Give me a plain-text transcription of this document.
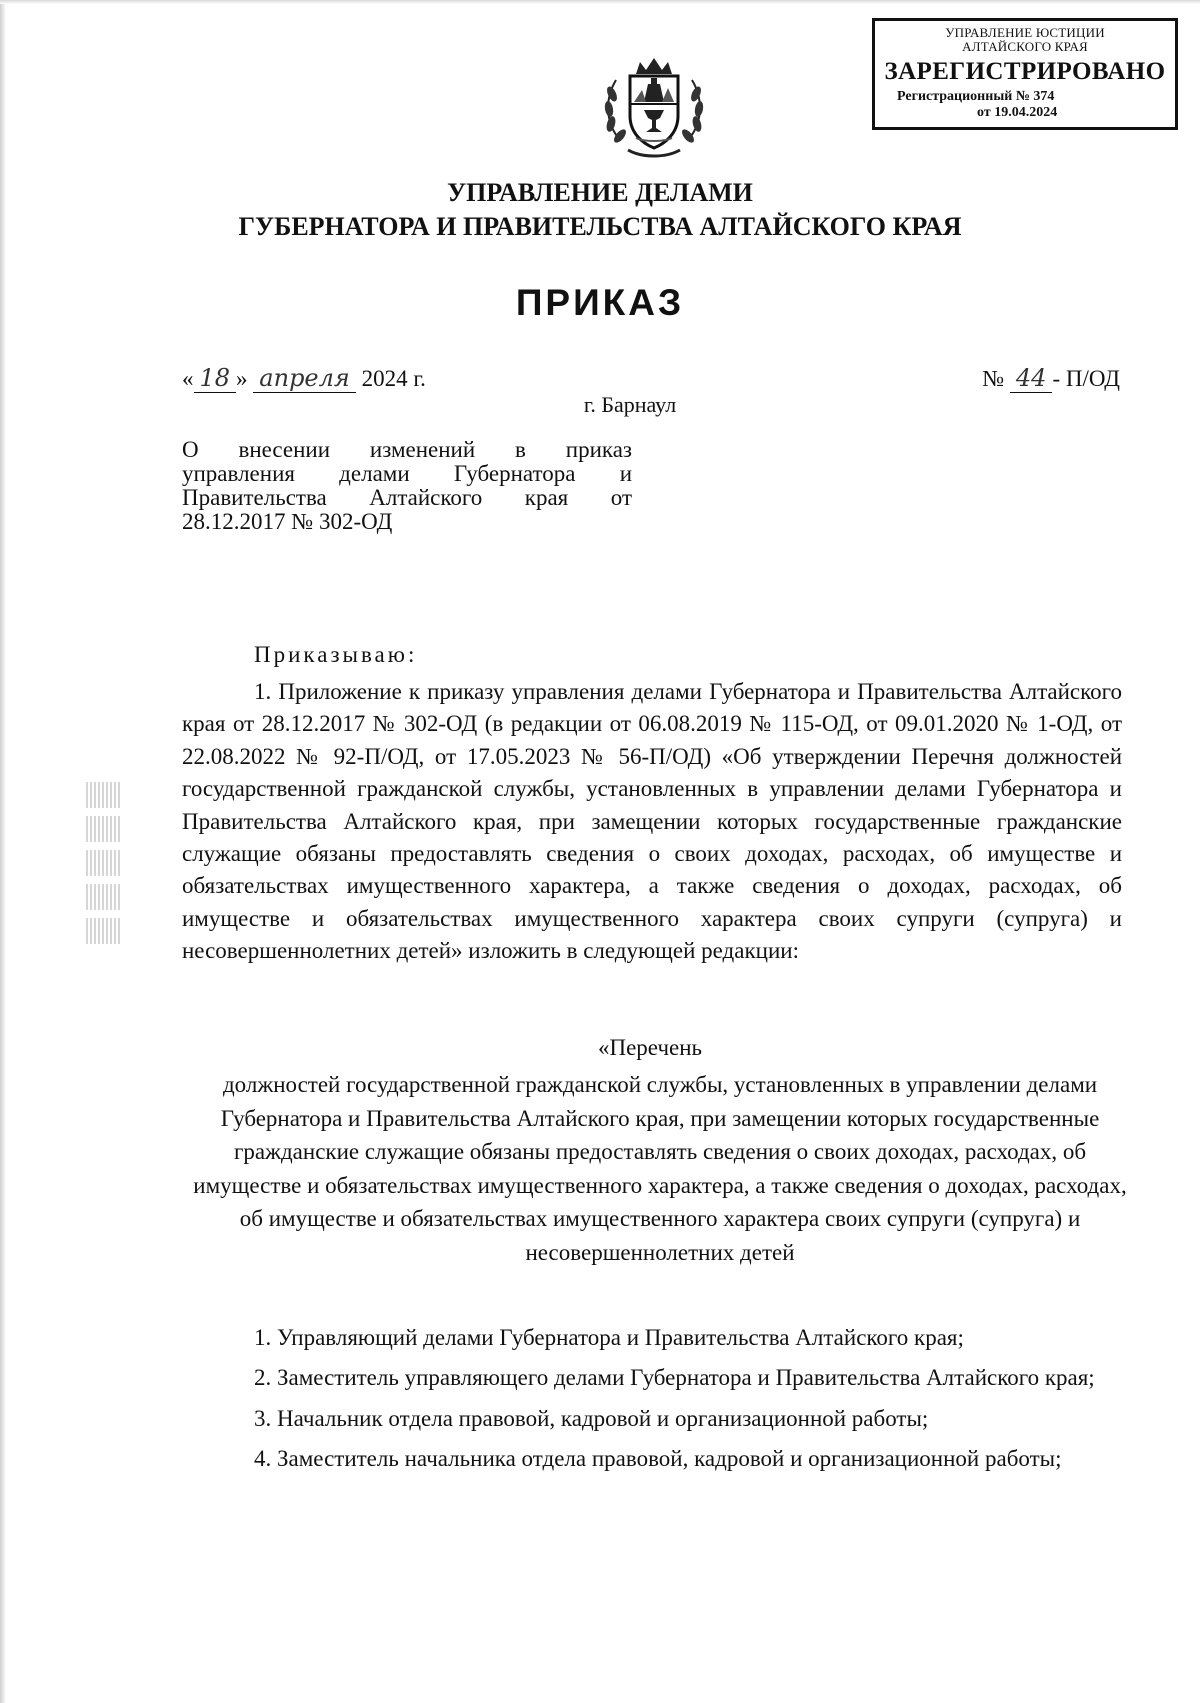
УПРАВЛЕНИЕ ЮСТИЦИИ
АЛТАЙСКОГО КРАЯ
ЗАРЕГИСТРИРОВАНО
Регистрационный № 374
от 19.04.2024
УПРАВЛЕНИЕ ДЕЛАМИ
ГУБЕРНАТОРА И ПРАВИТЕЛЬСТВА АЛТАЙСКОГО КРАЯ
ПРИКАЗ
« 18 » апреля 2024 г.	№ 44 - П/ОД
г. Барнаул
О внесении изменений в приказ
управления делами Губернатора и
Правительства Алтайского края от
28.12.2017 № 302-ОД
Приказываю:
1. Приложение к приказу управления делами Губернатора и Правительства Алтайского края от 28.12.2017 № 302-ОД (в редакции от 06.08.2019 № 115-ОД, от 09.01.2020 № 1-ОД, от 22.08.2022 № 92-П/ОД, от 17.05.2023 № 56-П/ОД) «Об утверждении Перечня должностей государственной гражданской службы, установленных в управлении делами Губернатора и Правительства Алтайского края, при замещении которых государственные гражданские служащие обязаны предоставлять сведения о своих доходах, расходах, об имуществе и обязательствах имущественного характера, а также сведения о доходах, расходах, об имуществе и обязательствах имущественного характера своих супруги (супруга) и несовершеннолетних детей» изложить в следующей редакции:
«Перечень
должностей государственной гражданской службы, установленных в управлении делами Губернатора и Правительства Алтайского края, при замещении которых государственные гражданские служащие обязаны предоставлять сведения о своих доходах, расходах, об имуществе и обязательствах имущественного характера, а также сведения о доходах, расходах, об имуществе и обязательствах имущественного характера своих супруги (супруга) и несовершеннолетних детей

1. Управляющий делами Губернатора и Правительства Алтайского края;

2. Заместитель управляющего делами Губернатора и Правительства Алтайского края;

3. Начальник отдела правовой, кадровой и организационной работы;

4. Заместитель начальника отдела правовой, кадровой и организационной работы;
